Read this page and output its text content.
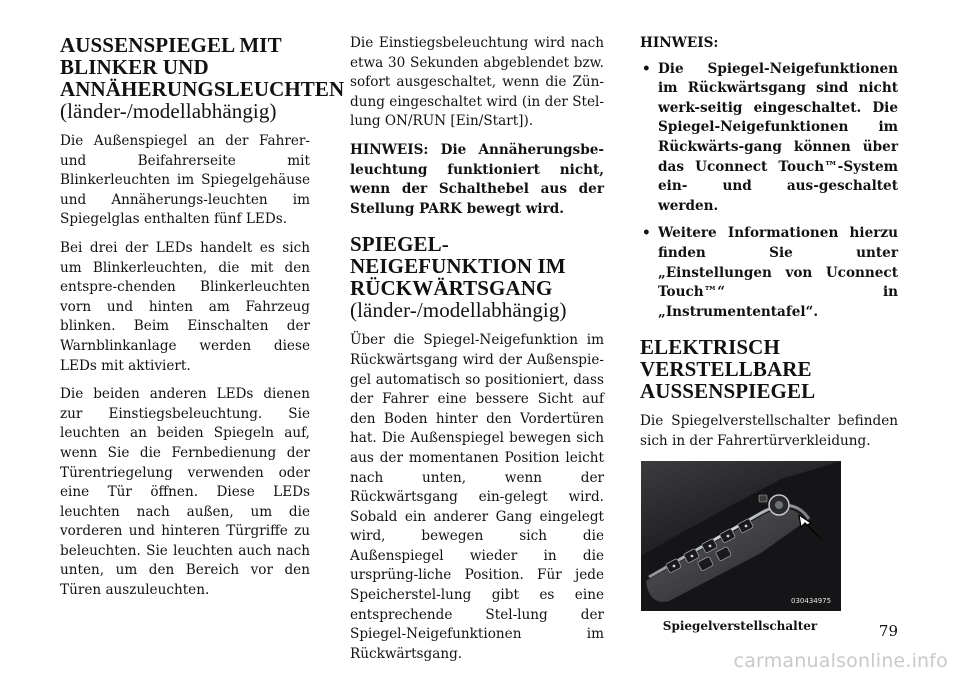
AUSSENSPIEGEL MIT BLINKER UND ANNÄHERUNGSLEUCHTEN
(länder-/modellabhängig)

Die Außenspiegel an der Fahrer- und Beifahrerseite mit Blinkerleuchten im Spiegelgehäuse und Annäherungs-leuchten im Spiegelglas enthalten fünf LEDs.

Bei drei der LEDs handelt es sich um Blinkerleuchten, die mit den entspre-chenden Blinkerleuchten vorn und hinten am Fahrzeug blinken. Beim Einschalten der Warnblinkanlage werden diese LEDs mit aktiviert.

Die beiden anderen LEDs dienen zur Einstiegsbeleuchtung. Sie leuchten an beiden Spiegeln auf, wenn Sie die Fernbedienung der Türentriegelung verwenden oder eine Tür öffnen. Diese LEDs leuchten nach außen, um die vorderen und hinteren Türgriffe zu beleuchten. Sie leuchten auch nach unten, um den Bereich vor den Türen auszuleuchten.

Die Einstiegsbeleuchtung wird nach etwa 30 Sekunden abgeblendet bzw. sofort ausgeschaltet, wenn die Zün-dung eingeschaltet wird (in der Stel-lung ON/RUN [Ein/Start]).

HINWEIS: Die Annäherungsbe-leuchtung funktioniert nicht, wenn der Schalthebel aus der Stellung PARK bewegt wird.

SPIEGEL-NEIGEFUNKTION IM RÜCKWÄRTSGANG
(länder-/modellabhängig)

Über die Spiegel-Neigefunktion im Rückwärtsgang wird der Außenspie-gel automatisch so positioniert, dass der Fahrer eine bessere Sicht auf den Boden hinter den Vordertüren hat. Die Außenspiegel bewegen sich aus der momentanen Position leicht nach unten, wenn der Rückwärtsgang ein-gelegt wird. Sobald ein anderer Gang eingelegt wird, bewegen sich die Außenspiegel wieder in die ursprüng-liche Position. Für jede Speicherstel-lung gibt es eine entsprechende Stel-lung der Spiegel-Neigefunktionen im Rückwärtsgang.

HINWEIS:
• Die Spiegel-Neigefunktionen im Rückwärtsgang sind nicht werk-seitig eingeschaltet. Die Spiegel-Neigefunktionen im Rückwärts-gang können über das Uconnect Touch™-System ein- und aus-geschaltet werden.
• Weitere Informationen hierzu finden Sie unter „Einstellungen von Uconnect Touch™“ in „Instrumententafel“.
ELEKTRISCH VERSTELLBARE AUSSENSPIEGEL

Die Spiegelverstellschalter befinden sich in der Fahrertürverkleidung.

030434975
Spiegelverstellschalter	79
carmanualsonline.info
